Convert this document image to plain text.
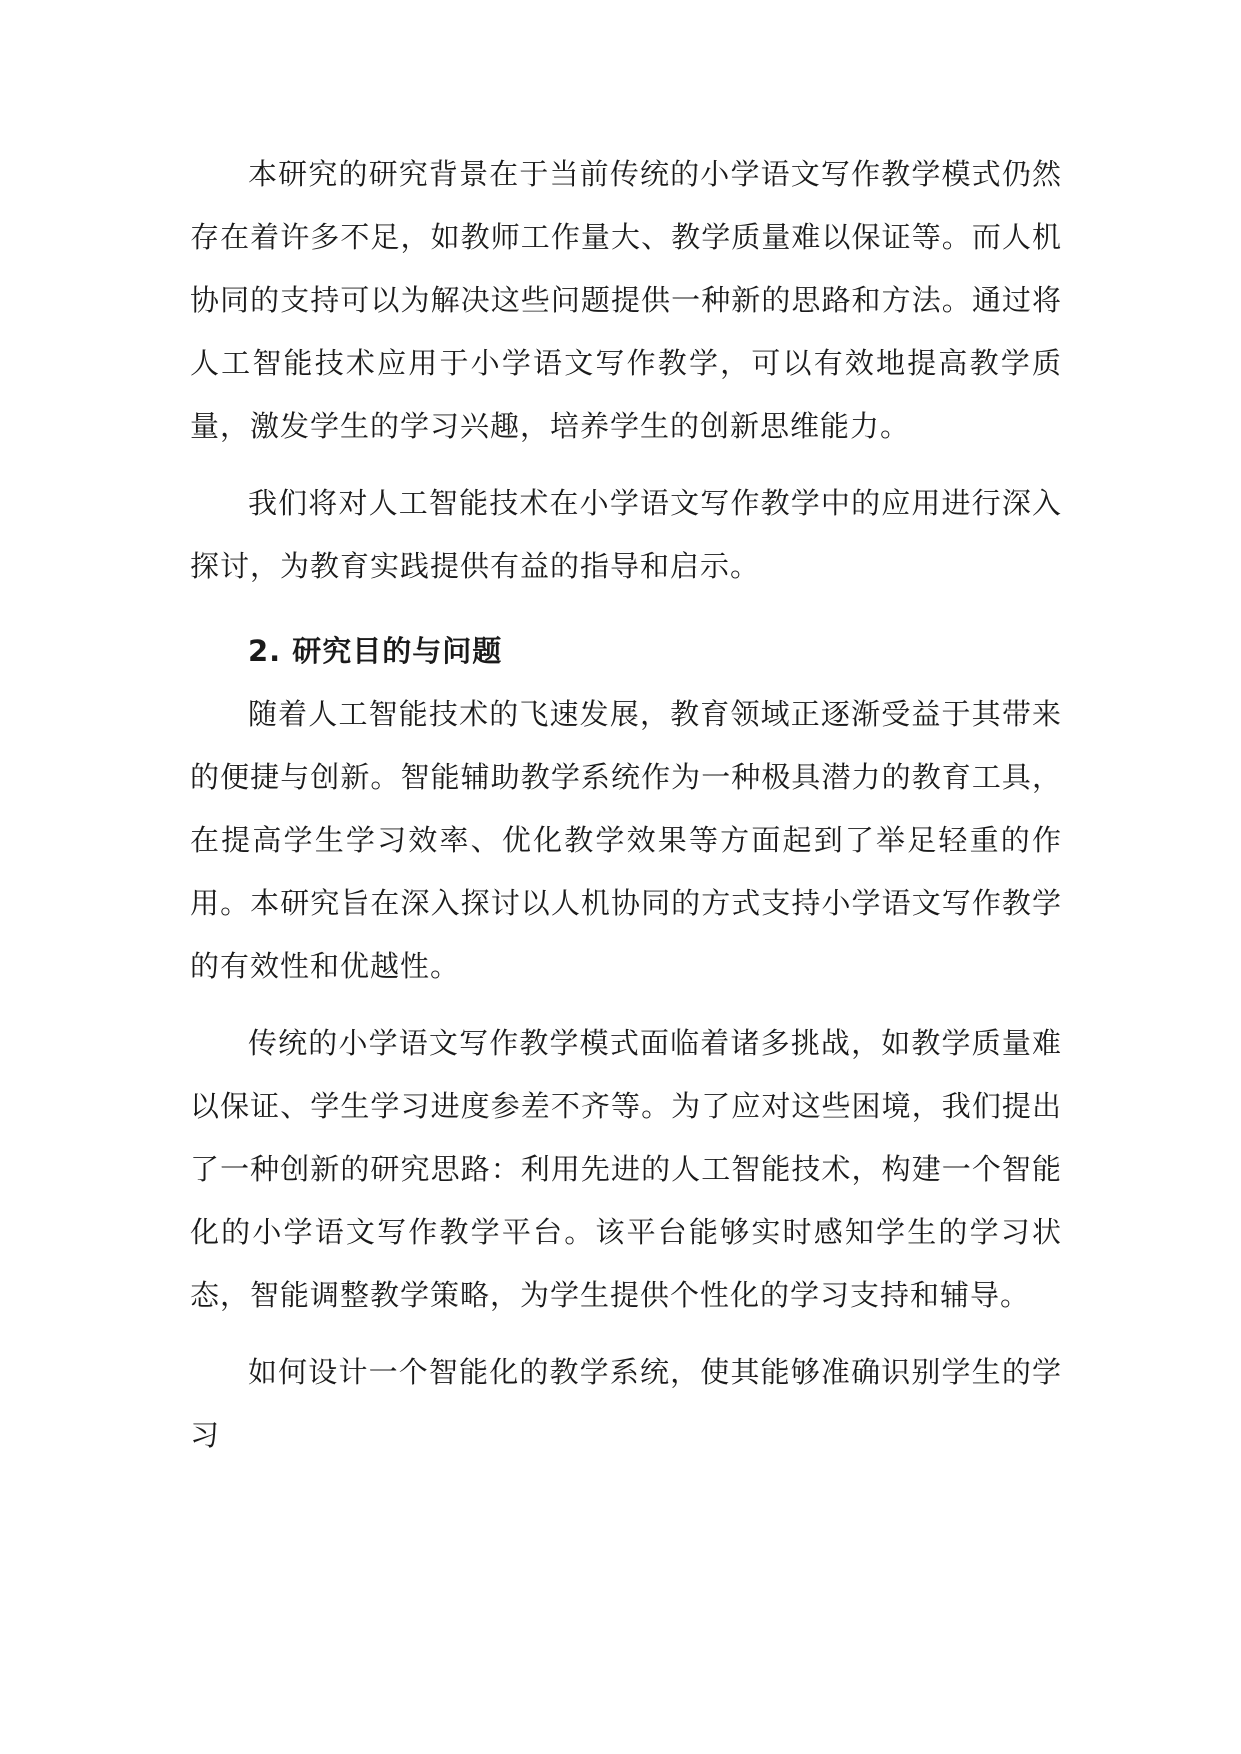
本研究的研究背景在于当前传统的小学语文写作教学模式仍然存在着许多不足，如教师工作量大、教学质量难以保证等。而人机协同的支持可以为解决这些问题提供一种新的思路和方法。通过将人工智能技术应用于小学语文写作教学，可以有效地提高教学质量，激发学生的学习兴趣，培养学生的创新思维能力。

我们将对人工智能技术在小学语文写作教学中的应用进行深入探讨，为教育实践提供有益的指导和启示。

2. 研究目的与问题

随着人工智能技术的飞速发展，教育领域正逐渐受益于其带来的便捷与创新。智能辅助教学系统作为一种极具潜力的教育工具，在提高学生学习效率、优化教学效果等方面起到了举足轻重的作用。本研究旨在深入探讨以人机协同的方式支持小学语文写作教学的有效性和优越性。

传统的小学语文写作教学模式面临着诸多挑战，如教学质量难以保证、学生学习进度参差不齐等。为了应对这些困境，我们提出了一种创新的研究思路：利用先进的人工智能技术，构建一个智能化的小学语文写作教学平台。该平台能够实时感知学生的学习状态，智能调整教学策略，为学生提供个性化的学习支持和辅导。

如何设计一个智能化的教学系统，使其能够准确识别学生的学习
